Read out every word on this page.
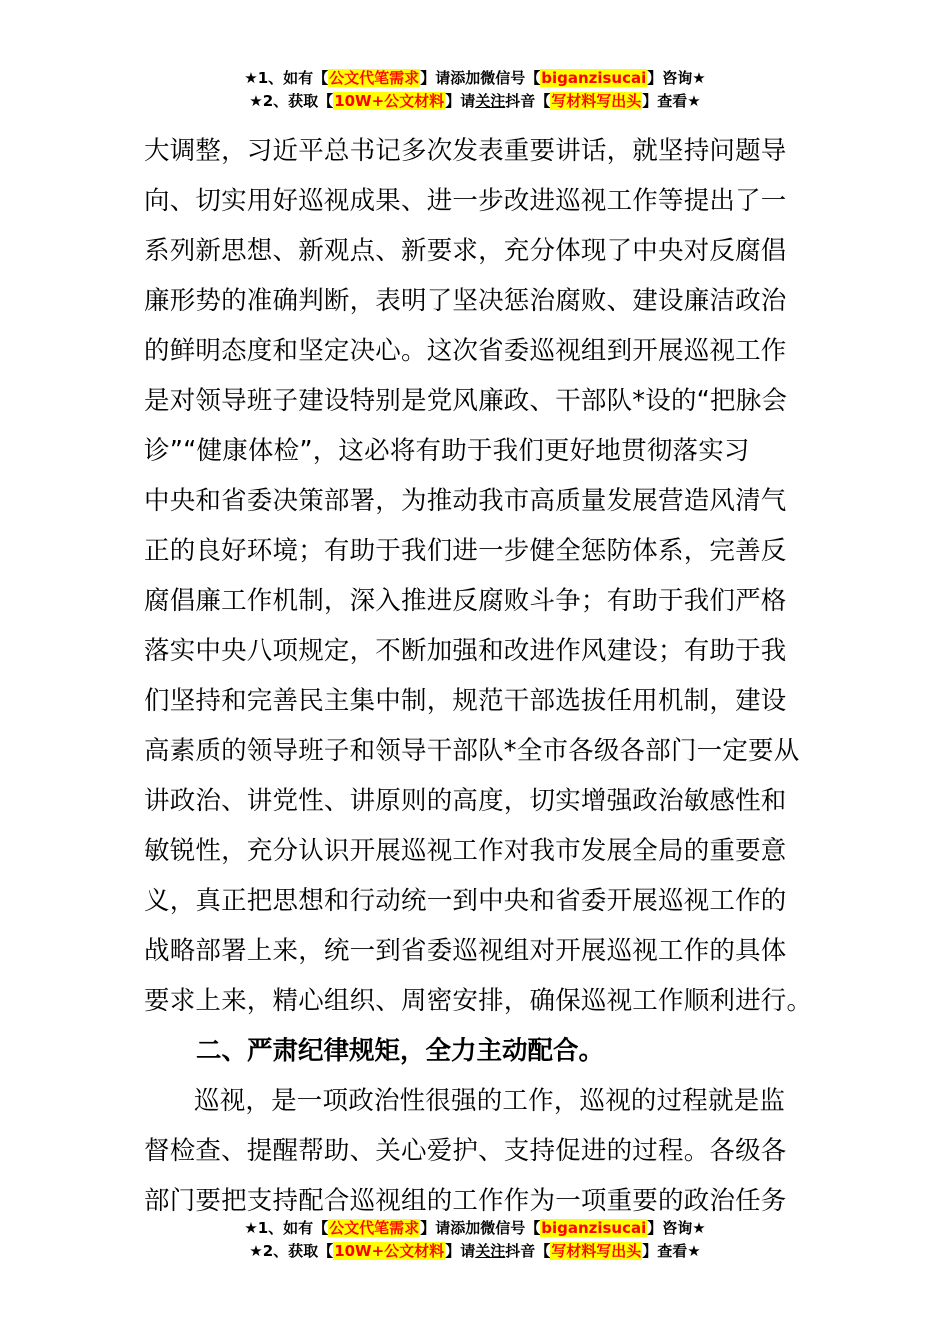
★1、如有【公文代笔需求】请添加微信号【biganzisucai】咨询★
★2、获取【10W+公文材料】请关注抖音【写材料写出头】查看★
大调整，习近平总书记多次发表重要讲话，就坚持问题导
向、切实用好巡视成果、进一步改进巡视工作等提出了一
系列新思想、新观点、新要求，充分体现了中央对反腐倡
廉形势的准确判断，表明了坚决惩治腐败、建设廉洁政治
的鲜明态度和坚定决心。这次省委巡视组到开展巡视工作
是对领导班子建设特别是党风廉政、干部队*设的“把脉会
诊”“健康体检”，这必将有助于我们更好地贯彻落实习
中央和省委决策部署，为推动我市高质量发展营造风清气
正的良好环境；有助于我们进一步健全惩防体系，完善反
腐倡廉工作机制，深入推进反腐败斗争；有助于我们严格
落实中央八项规定，不断加强和改进作风建设；有助于我
们坚持和完善民主集中制，规范干部选拔任用机制，建设
高素质的领导班子和领导干部队*全市各级各部门一定要从
讲政治、讲党性、讲原则的高度，切实增强政治敏感性和
敏锐性，充分认识开展巡视工作对我市发展全局的重要意
义，真正把思想和行动统一到中央和省委开展巡视工作的
战略部署上来，统一到省委巡视组对开展巡视工作的具体
要求上来，精心组织、周密安排，确保巡视工作顺利进行。
二、严肃纪律规矩，全力主动配合。
巡视，是一项政治性很强的工作，巡视的过程就是监
督检查、提醒帮助、关心爱护、支持促进的过程。各级各
部门要把支持配合巡视组的工作作为一项重要的政治任务
★1、如有【公文代笔需求】请添加微信号【biganzisucai】咨询★
★2、获取【10W+公文材料】请关注抖音【写材料写出头】查看★
